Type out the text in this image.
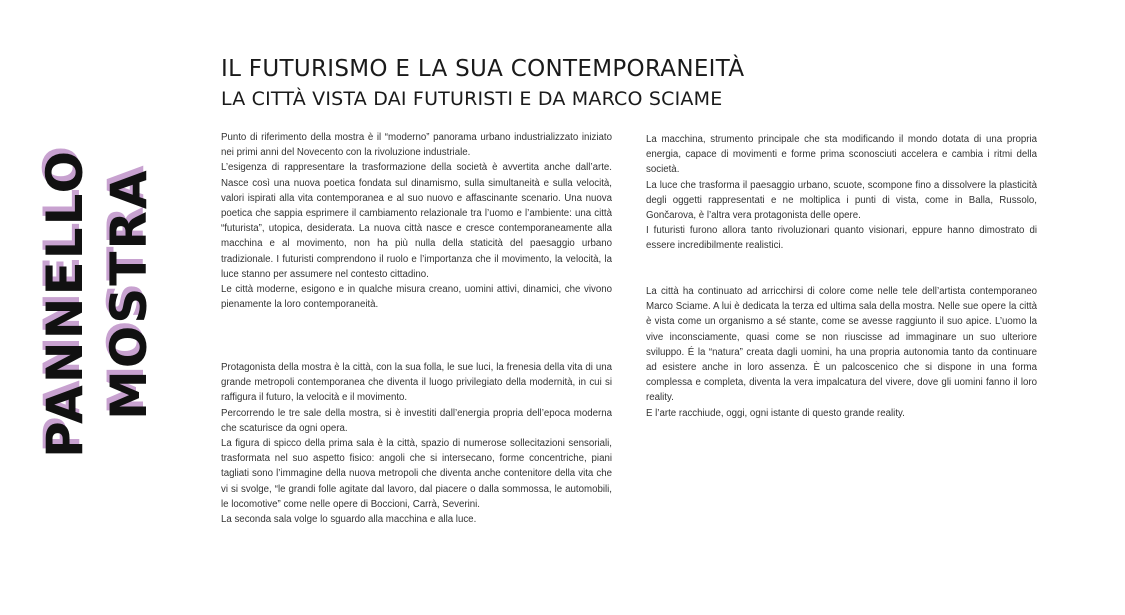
PANNELLO MOSTRA
IL FUTURISMO E LA SUA CONTEMPORANEITÀ
LA CITTÀ VISTA DAI FUTURISTI E DA MARCO SCIAME

Punto di riferimento della mostra è il “moderno” panorama urbano industrializzato iniziato nei primi anni del Novecento con la rivoluzione industriale.

L’esigenza di rappresentare la trasformazione della società è avvertita anche dall’arte. Nasce così una nuova poetica fondata sul dinamismo, sulla simultaneità e sulla velocità, valori ispirati alla vita contemporanea e al suo nuovo e affascinante scenario. Una nuova poetica che sappia esprimere il cambiamento relazionale tra l’uomo e l’ambiente: una città “futurista”, utopica, desiderata. La nuova città nasce e cresce contemporaneamente alla macchina e al movimento, non ha più nulla della staticità del paesaggio urbano tradizionale. I futuristi comprendono il ruolo e l’importanza che il movimento, la velocità, la luce stanno per assumere nel contesto cittadino.

Le città moderne, esigono e in qualche misura creano, uomini attivi, dinamici, che vivono pienamente la loro contemporaneità.

Protagonista della mostra è la città, con la sua folla, le sue luci, la frenesia della vita di una grande metropoli contemporanea che diventa il luogo privilegiato della modernità, in cui si raffigura il futuro, la velocità e il movimento.

Percorrendo le tre sale della mostra, si è investiti dall’energia propria dell’epoca moderna che scaturisce da ogni opera.

La figura di spicco della prima sala è la città, spazio di numerose sollecitazioni sensoriali, trasformata nel suo aspetto fisico: angoli che si intersecano, forme concentriche, piani tagliati sono l’immagine della nuova metropoli che diventa anche contenitore della vita che vi si svolge, “le grandi folle agitate dal lavoro, dal piacere o dalla sommossa, le automobili, le locomotive” come nelle opere di Boccioni, Carrà, Severini.

La seconda sala volge lo sguardo alla macchina e alla luce.

La macchina, strumento principale che sta modificando il mondo dotata di una propria energia, capace di movimenti e forme prima sconosciuti accelera e cambia i ritmi della società.

La luce che trasforma il paesaggio urbano, scuote, scompone fino a dissolvere la plasticità degli oggetti rappresentati e ne moltiplica i punti di vista, come in Balla, Russolo, Gončarova, è l’altra vera protagonista delle opere.

I futuristi furono allora tanto rivoluzionari quanto visionari, eppure hanno dimostrato di essere incredibilmente realistici.

La città ha continuato ad arricchirsi di colore come nelle tele dell’artista contemporaneo Marco Sciame. A lui è dedicata la terza ed ultima sala della mostra. Nelle sue opere la città è vista come un organismo a sé stante, come se avesse raggiunto il suo apice. L’uomo la vive inconsciamente, quasi come se non riuscisse ad immaginare un suo ulteriore sviluppo. É la “natura” creata dagli uomini, ha una propria autonomia tanto da continuare ad esistere anche in loro assenza. È un palcoscenico che si dispone in una forma complessa e completa, diventa la vera impalcatura del vivere, dove gli uomini fanno il loro reality.

E l’arte racchiude, oggi, ogni istante di questo grande reality.
